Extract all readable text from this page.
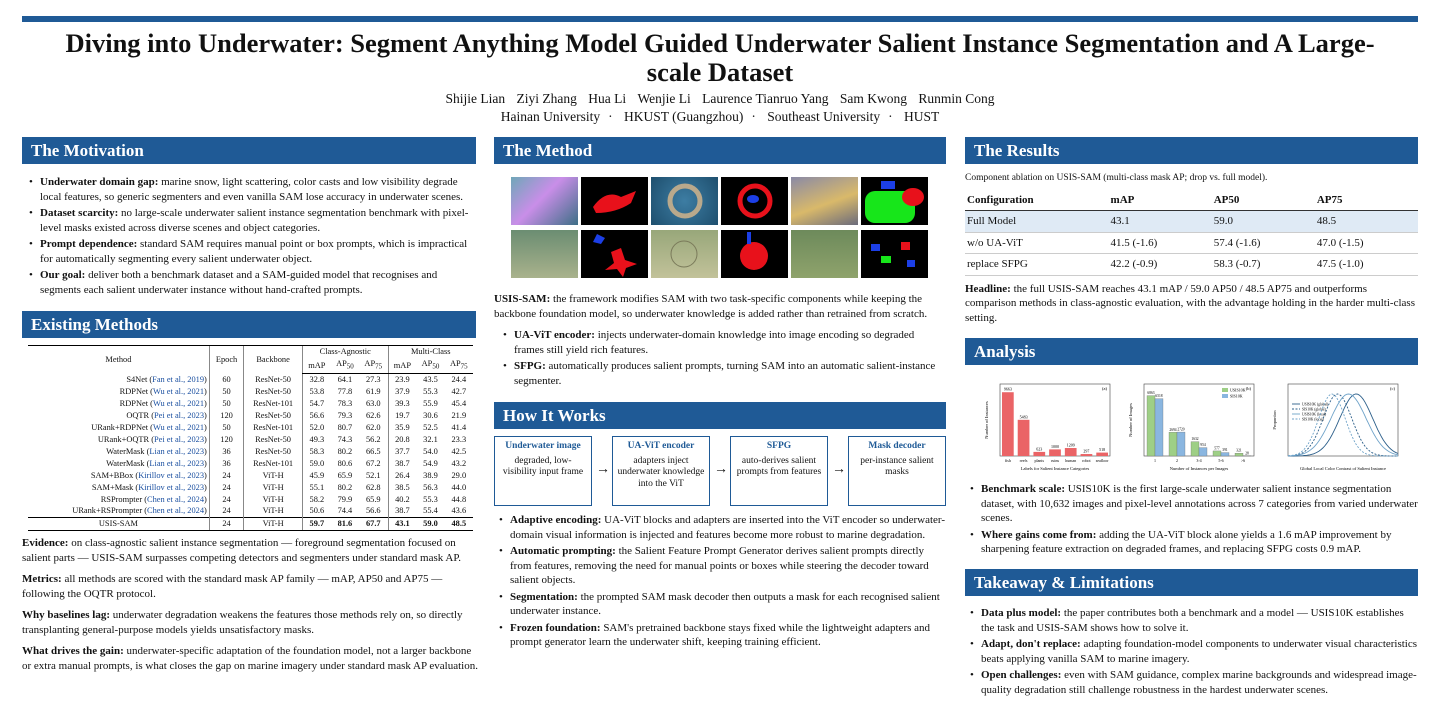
Diving into Underwater: Segment Anything Model Guided Underwater Salient Instance Segmentation and A Large-scale Dataset
Shijie Lian Ziyi Zhang Hua Li Wenjie Li Laurence Tianruo Yang Sam Kwong Runmin Cong
Hainan University · HKUST (Guangzhou) · Southeast University · HUST
The Motivation
• Underwater domain gap: marine snow, light scattering, color casts and low visibility degrade local features, so generic segmenters and even vanilla SAM lose accuracy in underwater scenes.
• Dataset scarcity: no large-scale underwater salient instance segmentation benchmark with pixel-level masks existed across diverse scenes and object categories.
• Prompt dependence: standard SAM requires manual point or box prompts, which is impractical for automatically segmenting every salient underwater object.
• Our goal: deliver both a benchmark dataset and a SAM-guided model that recognises and segments each salient underwater instance without hand-crafted prompts.
Existing Methods
Method	Epoch	Backbone	Class-Agnostic			Multi-Class		
			mAP	$AP_{50}$	$AP_{75}$	mAP	$AP_{50}$	$AP_{75}$
S4Net (Fan et al., 2019)	60	ResNet-50	32.8	64.1	27.3	23.9	43.5	24.4
RDPNet (Wu et al., 2021)	50	ResNet-50	53.8	77.8	61.9	37.9	55.3	42.7
RDPNet (Wu et al., 2021)	50	ResNet-101	54.7	78.3	63.0	39.3	55.9	45.4
OQTR (Pei et al., 2023)	120	ResNet-50	56.6	79.3	62.6	19.7	30.6	21.9
URank+RDPNet (Wu et al., 2021)	50	ResNet-101	52.0	80.7	62.0	35.9	52.5	41.4
URank+OQTR (Pei et al., 2023)	120	ResNet-50	49.3	74.3	56.2	20.8	32.1	23.3
WaterMask (Lian et al., 2023)	36	ResNet-50	58.3	80.2	66.5	37.7	54.0	42.5
WaterMask (Lian et al., 2023)	36	ResNet-101	59.0	80.6	67.2	38.7	54.9	43.2
SAM+BBox (Kirillov et al., 2023)	24	ViT-H	45.9	65.9	52.1	26.4	38.9	29.0
SAM+Mask (Kirillov et al., 2023)	24	ViT-H	55.1	80.2	62.8	38.5	56.3	44.0
RSPrompter (Chen et al., 2024)	24	ViT-H	58.2	79.9	65.9	40.2	55.3	44.8
URank+RSPrompter (Chen et al., 2024)	24	ViT-H	50.6	74.4	56.6	38.7	55.4	43.6
USIS-SAM	24	ViT-H	59.7	81.6	67.7	43.1	59.0	48.5

Evidence: on class-agnostic salient instance segmentation — foreground segmentation focused on salient parts — USIS-SAM surpasses competing detectors and segmenters under standard mask AP.

Metrics: all methods are scored with the standard mask AP family — mAP, AP50 and AP75 — following the OQTR protocol.

Why baselines lag: underwater degradation weakens the features those methods rely on, so directly transplanting general-purpose models yields unsatisfactory masks.

What drives the gain: underwater-specific adaptation of the foundation model, not a larger backbone or extra manual prompts, is what closes the gap on marine imagery under standard mask AP evaluation.

The Method

USIS-SAM: the framework modifies SAM with two task-specific components while keeping the backbone foundation model, so underwater knowledge is added rather than retrained from scratch.

• UA-ViT encoder: injects underwater-domain knowledge into image encoding so degraded frames still yield rich features.
• SFPG: automatically produces salient prompts, turning SAM into an automatic salient-instance segmenter.
How It Works
Underwater image
degraded, low-visibility input frame →
UA-ViT encoder
adapters inject underwater knowledge into the ViT
→
SFPG
auto-derives salient prompts from features →
Mask decoder
per-instance salient masks
• Adaptive encoding: UA-ViT blocks and adapters are inserted into the ViT encoder so underwater-domain visual information is injected and features become more robust to marine degradation.
• Automatic prompting: the Salient Feature Prompt Generator derives salient prompts directly from features, removing the need for manual points or boxes while steering the decoder toward salient objects.
• Segmentation: the prompted SAM mask decoder then outputs a mask for each recognised salient underwater instance.
• Frozen foundation: SAM's pretrained backbone stays fixed while the lightweight adapters and prompt generator learn the underwater shift, keeping training efficient.
The Results
Component ablation on USIS-SAM (multi-class mask AP; drop vs. full model).
Configuration	mAP	AP50	AP75
Full Model	43.1	59.0	48.5
w/o UA-ViT	41.5 (-1.6)	57.4 (-1.6)	47.0 (-1.5)
replace SFPG	42.2 (-0.9)	58.3 (-0.7)	47.5 (-1.0)

Headline: the full USIS-SAM reaches 43.1 mAP / 59.0 AP50 / 48.5 AP75 and outperforms comparison methods in class-agnostic evaluation, with the advantage holding in the harder multi-class setting.

Analysis
9663
fish
5483
reefs
623
plants
1000
ruins
1209
human
297
robot
518
seafloor
Labels for Salient Instance Categories
Number of Instances
(a)
6863
6518
1
2694 2720
2
1632
954
3-4
577 391
5-6
321
28
>6
USIS10K
SIS10K
Number of Instances per Images
Number of Images
(b)
USIS10K (global)
SIS10K (global)
USIS10K (local)
SIS10K (local)
Global Local Color Contrast of Salient Instance
Proportion
(c)
• Benchmark scale: USIS10K is the first large-scale underwater salient instance segmentation dataset, with 10,632 images and pixel-level annotations across 7 categories from varied underwater scenes.
• Where gains come from: adding the UA-ViT block alone yields a 1.6 mAP improvement by sharpening feature extraction on degraded frames, and replacing SFPG costs 0.9 mAP.
Takeaway & Limitations
• Data plus model: the paper contributes both a benchmark and a model — USIS10K establishes the task and USIS-SAM shows how to solve it.
• Adapt, don't replace: adapting foundation-model components to underwater visual characteristics beats applying vanilla SAM to marine imagery.
• Open challenges: even with SAM guidance, complex marine backgrounds and widespread image-quality degradation still challenge robustness in the hardest underwater scenes.
